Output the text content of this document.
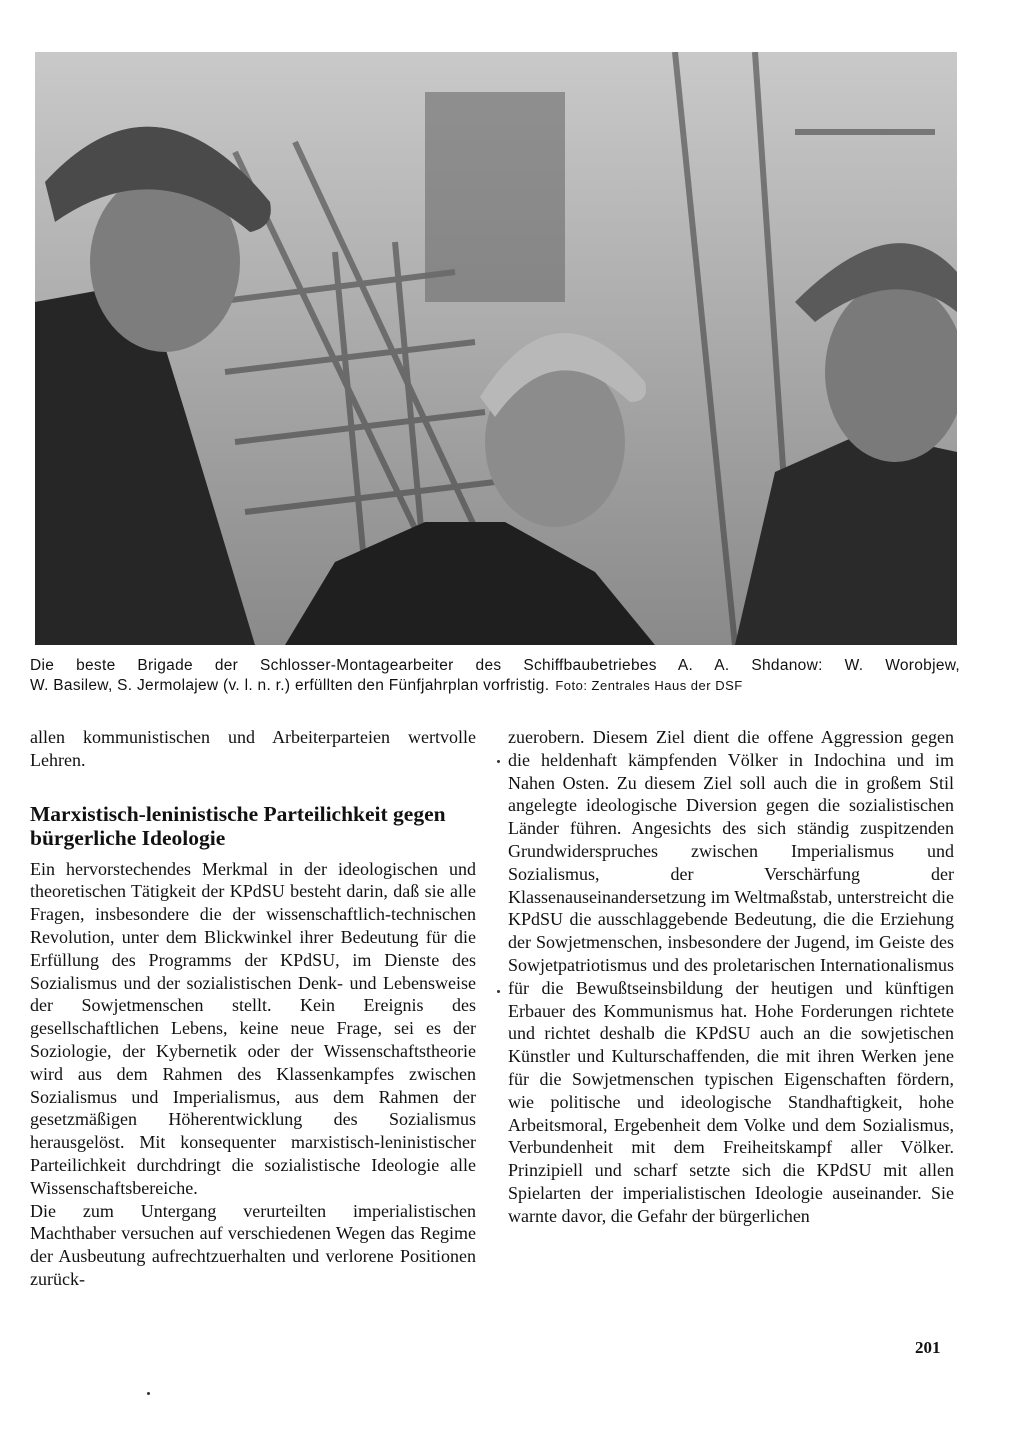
Die beste Brigade der Schlosser-Montagearbeiter des Schiffbaubetriebes A. A. Shdanow: W. Worobjew,
W. Basilew, S. Jermolajew (v. l. n. r.) erfüllten den Fünfjahrplan vorfristig. Foto: Zentrales Haus der DSF

allen kommunistischen und Arbeiterparteien wertvolle Lehren.

Marxistisch-leninistische Parteilichkeit gegen bürgerliche Ideologie

Ein hervorstechendes Merkmal in der ideologischen und theoretischen Tätigkeit der KPdSU besteht darin, daß sie alle Fragen, insbesondere die der wissenschaftlich-technischen Revolution, unter dem Blickwinkel ihrer Bedeutung für die Erfüllung des Programms der KPdSU, im Dienste des Sozialismus und der sozialistischen Denk- und Lebensweise der Sowjetmenschen stellt. Kein Ereignis des gesellschaftlichen Lebens, keine neue Frage, sei es der Soziologie, der Kybernetik oder der Wissenschaftstheorie wird aus dem Rahmen des Klassenkampfes zwischen Sozialismus und Imperialismus, aus dem Rahmen der gesetzmäßigen Höherentwicklung des Sozialismus herausgelöst. Mit konsequenter marxistisch-leninistischer Parteilichkeit durchdringt die sozialistische Ideologie alle Wissenschaftsbereiche.

Die zum Untergang verurteilten imperialistischen Machthaber versuchen auf verschiedenen Wegen das Regime der Ausbeutung aufrechtzuerhalten und verlorene Positionen zurück-

zuerobern. Diesem Ziel dient die offene Aggression gegen die heldenhaft kämpfenden Völker in Indochina und im Nahen Osten. Zu diesem Ziel soll auch die in großem Stil angelegte ideologische Diversion gegen die sozialistischen Länder führen. Angesichts des sich ständig zuspitzenden Grundwiderspruches zwischen Imperialismus und Sozialismus, der Verschärfung der Klassenauseinandersetzung im Weltmaßstab, unterstreicht die KPdSU die ausschlaggebende Bedeutung, die die Erziehung der Sowjetmenschen, insbesondere der Jugend, im Geiste des Sowjetpatriotismus und des proletarischen Internationalismus für die Bewußtseinsbildung der heutigen und künftigen Erbauer des Kommunismus hat. Hohe Forderungen richtete und richtet deshalb die KPdSU auch an die sowjetischen Künstler und Kulturschaffenden, die mit ihren Werken jene für die Sowjetmenschen typischen Eigenschaften fördern, wie politische und ideologische Standhaftigkeit, hohe Arbeitsmoral, Ergebenheit dem Volke und dem Sozialismus, Verbundenheit mit dem Freiheitskampf aller Völker. Prinzipiell und scharf setzte sich die KPdSU mit allen Spielarten der imperialistischen Ideologie auseinander. Sie warnte davor, die Gefahr der bürgerlichen

201
